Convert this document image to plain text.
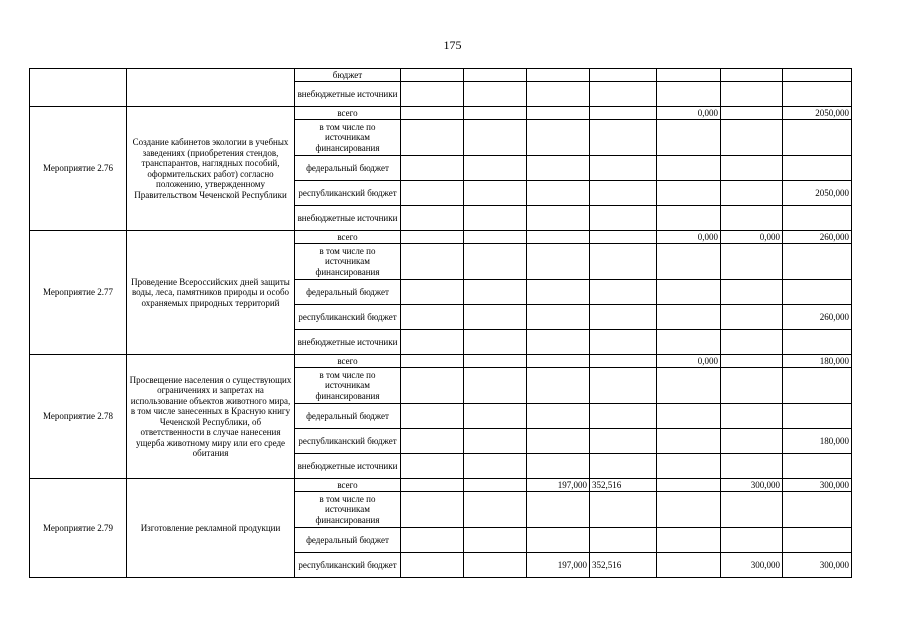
175
		бюджет							
		внебюджетные источники							
Мероприятие 2.76	Создание кабинетов экологии в учебных заведениях (приобретения стендов, транспарантов, наглядных пособий, оформительских работ) согласно положению, утвержденному Правительством Чеченской Республики	всего					0,000		2050,000
		в том числе по источникам финансирования							
		федеральный бюджет							
		республиканский бюджет							2050,000
		внебюджетные источники							
Мероприятие 2.77	Проведение Всероссийских дней защиты воды, леса, памятников природы и особо охраняемых природных территорий	всего					0,000	0,000	260,000
		в том числе по источникам финансирования							
		федеральный бюджет							
		республиканский бюджет							260,000
		внебюджетные источники							
Мероприятие 2.78	Просвещение населения о существующих ограничениях и запретах на использование объектов животного мира, в том числе занесенных в Красную книгу Чеченской Республики, об ответственности в случае нанесения ущерба животному миру или его среде обитания	всего					0,000		180,000
		в том числе по источникам финансирования							
		федеральный бюджет							
		республиканский бюджет							180,000
		внебюджетные источники							
Мероприятие 2.79	Изготовление рекламной продукции	всего			197,000	352,516		300,000	300,000
		в том числе по источникам финансирования							
		федеральный бюджет							
		республиканский бюджет			197,000	352,516		300,000	300,000
